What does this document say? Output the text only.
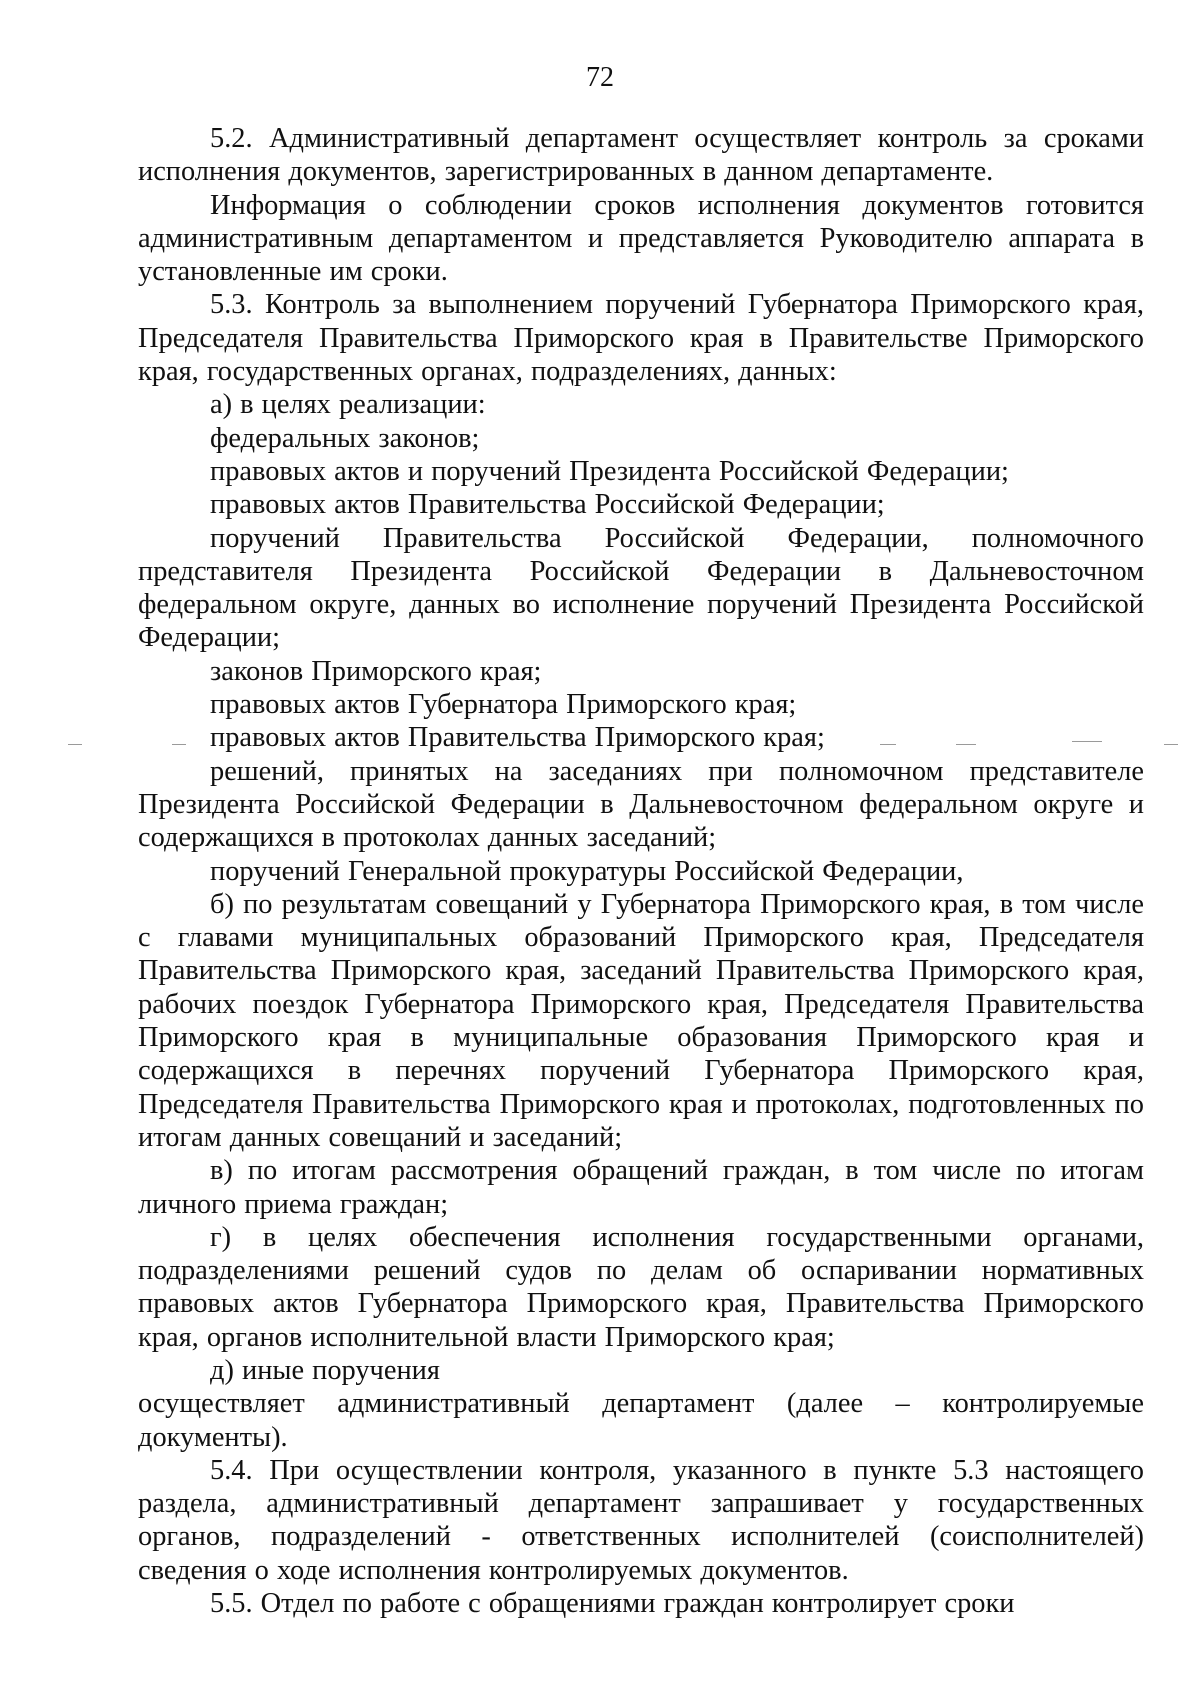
72

5.2. Административный департамент осуществляет контроль за сроками исполнения документов, зарегистрированных в данном департаменте.

Информация о соблюдении сроков исполнения документов готовится административным департаментом и представляется Руководителю аппарата в установленные им сроки.

5.3. Контроль за выполнением поручений Губернатора Приморского края, Председателя Правительства Приморского края в Правительстве Приморского края, государственных органах, подразделениях, данных:

а) в целях реализации:

федеральных законов;

правовых актов и поручений Президента Российской Федерации;

правовых актов Правительства Российской Федерации;

поручений Правительства Российской Федерации, полномочного представителя Президента Российской Федерации в Дальневосточном федеральном округе, данных во исполнение поручений Президента Российской Федерации;

законов Приморского края;

правовых актов Губернатора Приморского края;

правовых актов Правительства Приморского края;

решений, принятых на заседаниях при полномочном представителе Президента Российской Федерации в Дальневосточном федеральном округе и содержащихся в протоколах данных заседаний;

поручений Генеральной прокуратуры Российской Федерации,

б) по результатам совещаний у Губернатора Приморского края, в том числе с главами муниципальных образований Приморского края, Председателя Правительства Приморского края, заседаний Правительства Приморского края, рабочих поездок Губернатора Приморского края, Председателя Правительства Приморского края в муниципальные образования Приморского края и содержащихся в перечнях поручений Губернатора Приморского края, Председателя Правительства Приморского края и протоколах, подготовленных по итогам данных совещаний и заседаний;

в) по итогам рассмотрения обращений граждан, в том числе по итогам личного приема граждан;

г) в целях обеспечения исполнения государственными органами, подразделениями решений судов по делам об оспаривании нормативных правовых актов Губернатора Приморского края, Правительства Приморского края, органов исполнительной власти Приморского края;

д) иные поручения

осуществляет административный департамент (далее – контролируемые документы).

5.4. При осуществлении контроля, указанного в пункте 5.3 настоящего раздела, административный департамент запрашивает у государственных органов, подразделений - ответственных исполнителей (соисполнителей) сведения о ходе исполнения контролируемых документов.

5.5. Отдел по работе с обращениями граждан контролирует сроки
